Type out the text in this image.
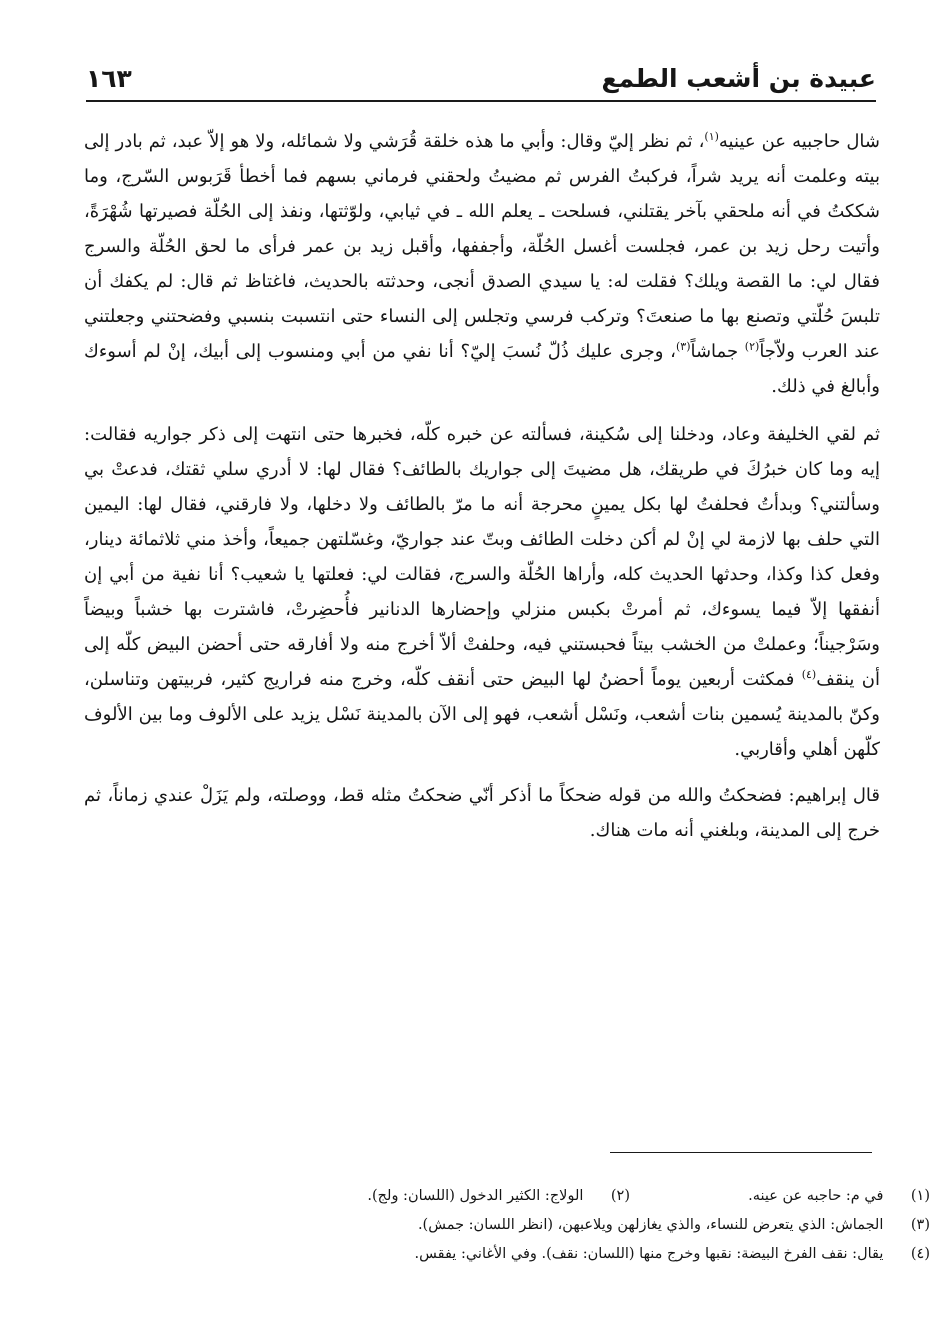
عبيدة بن أشعب الطمع
١٦٣

شال حاجبيه عن عينيه$^{(١)}$، ثم نظر إليّ وقال: وأبي ما هذه خلقة قُرَشي ولا شمائله، ولا هو إلاّ عبد، ثم بادر إلى بيته وعلمت أنه يريد شراً، فركبتُ الفرس ثم مضيتُ ولحقني فرماني بسهم فما أخطأ قَرَبوس السّرج، وما شككتُ في أنه ملحقي بآخر يقتلني، فسلحت ـ يعلم الله ـ في ثيابي، ولوّثتها، ونفذ إلى الحُلّة فصيرتها شُهْرَةً، وأتيت رحل زيد بن عمر، فجلست أغسل الحُلّة، وأجففها، وأقبل زيد بن عمر فرأى ما لحق الحُلّة والسرج فقال لي: ما القصة ويلك؟ فقلت له: يا سيدي الصدق أنجى، وحدثته بالحديث، فاغتاظ ثم قال: لم يكفك أن تلبسَ حُلّتي وتصنع بها ما صنعتَ؟ وتركب فرسي وتجلس إلى النساء حتى انتسبت بنسبي وفضحتني وجعلتني عند العرب ولاّجاً$^{(٢)}$ جماشاً$^{(٣)}$، وجرى عليك ذُلّ نُسبَ إليّ؟ أنا نفي من أبي ومنسوب إلى أبيك، إنْ لم أسوءك وأبالغ في ذلك.

ثم لقي الخليفة وعاد، ودخلنا إلى سُكينة، فسألته عن خبره كلّه، فخبرها حتى انتهت إلى ذكر جواريه فقالت: إيه وما كان خبرُكَ في طريقك، هل مضيتَ إلى جواريك بالطائف؟ فقال لها: لا أدري سلي ثقتك، فدعتْ بي وسألتني؟ وبدأتُ فحلفتُ لها بكل يمينٍ محرجة أنه ما مرّ بالطائف ولا دخلها، ولا فارقني، فقال لها: اليمين التي حلف بها لازمة لي إنْ لم أكن دخلت الطائف وبتّ عند جواريّ، وغسّلتهن جميعاً، وأخذ مني ثلاثمائة دينار، وفعل كذا وكذا، وحدثها الحديث كله، وأراها الحُلّة والسرج، فقالت لي: فعلتها يا شعيب؟ أنا نفية من أبي إن أنفقها إلاّ فيما يسوءك، ثم أمرتْ بكبس منزلي وإحضارها الدنانير فأُحضِرتْ، فاشترت بها خشباً وبيضاً وسَرْجيناً؛ وعملتْ من الخشب بيتاً فحبستني فيه، وحلفتْ ألاّ أخرج منه ولا أفارقه حتى أحضن البيض كلّه إلى أن ينقف$^{(٤)}$ فمكثت أربعين يوماً أحضنُ لها البيض حتى أنقف كلّه، وخرج منه فراريج كثير، فربيتهن وتناسلن، وكنّ بالمدينة يُسمين بنات أشعب، ونَسْل أشعب، فهو إلى الآن بالمدينة نَسْل يزيد على الألوف وما بين الألوف كلّهن أهلي وأقاربي.

قال إبراهيم: فضحكتُ والله من قوله ضحكاً ما أذكر أنّي ضحكتُ مثله قط، ووصلته، ولم يَزَلْ عندي زماناً، ثم خرج إلى المدينة، وبلغني أنه مات هناك.

(١) في م: حاجبه عن عينه.
(٢) الولاج: الكثير الدخول (اللسان: ولج).
(٣) الجماش: الذي يتعرض للنساء، والذي يغازلهن ويلاعبهن، (انظر اللسان: جمش).
(٤) يقال: نقف الفرخ البيضة: نقبها وخرج منها (اللسان: نقف). وفي الأغاني: يفقس.
